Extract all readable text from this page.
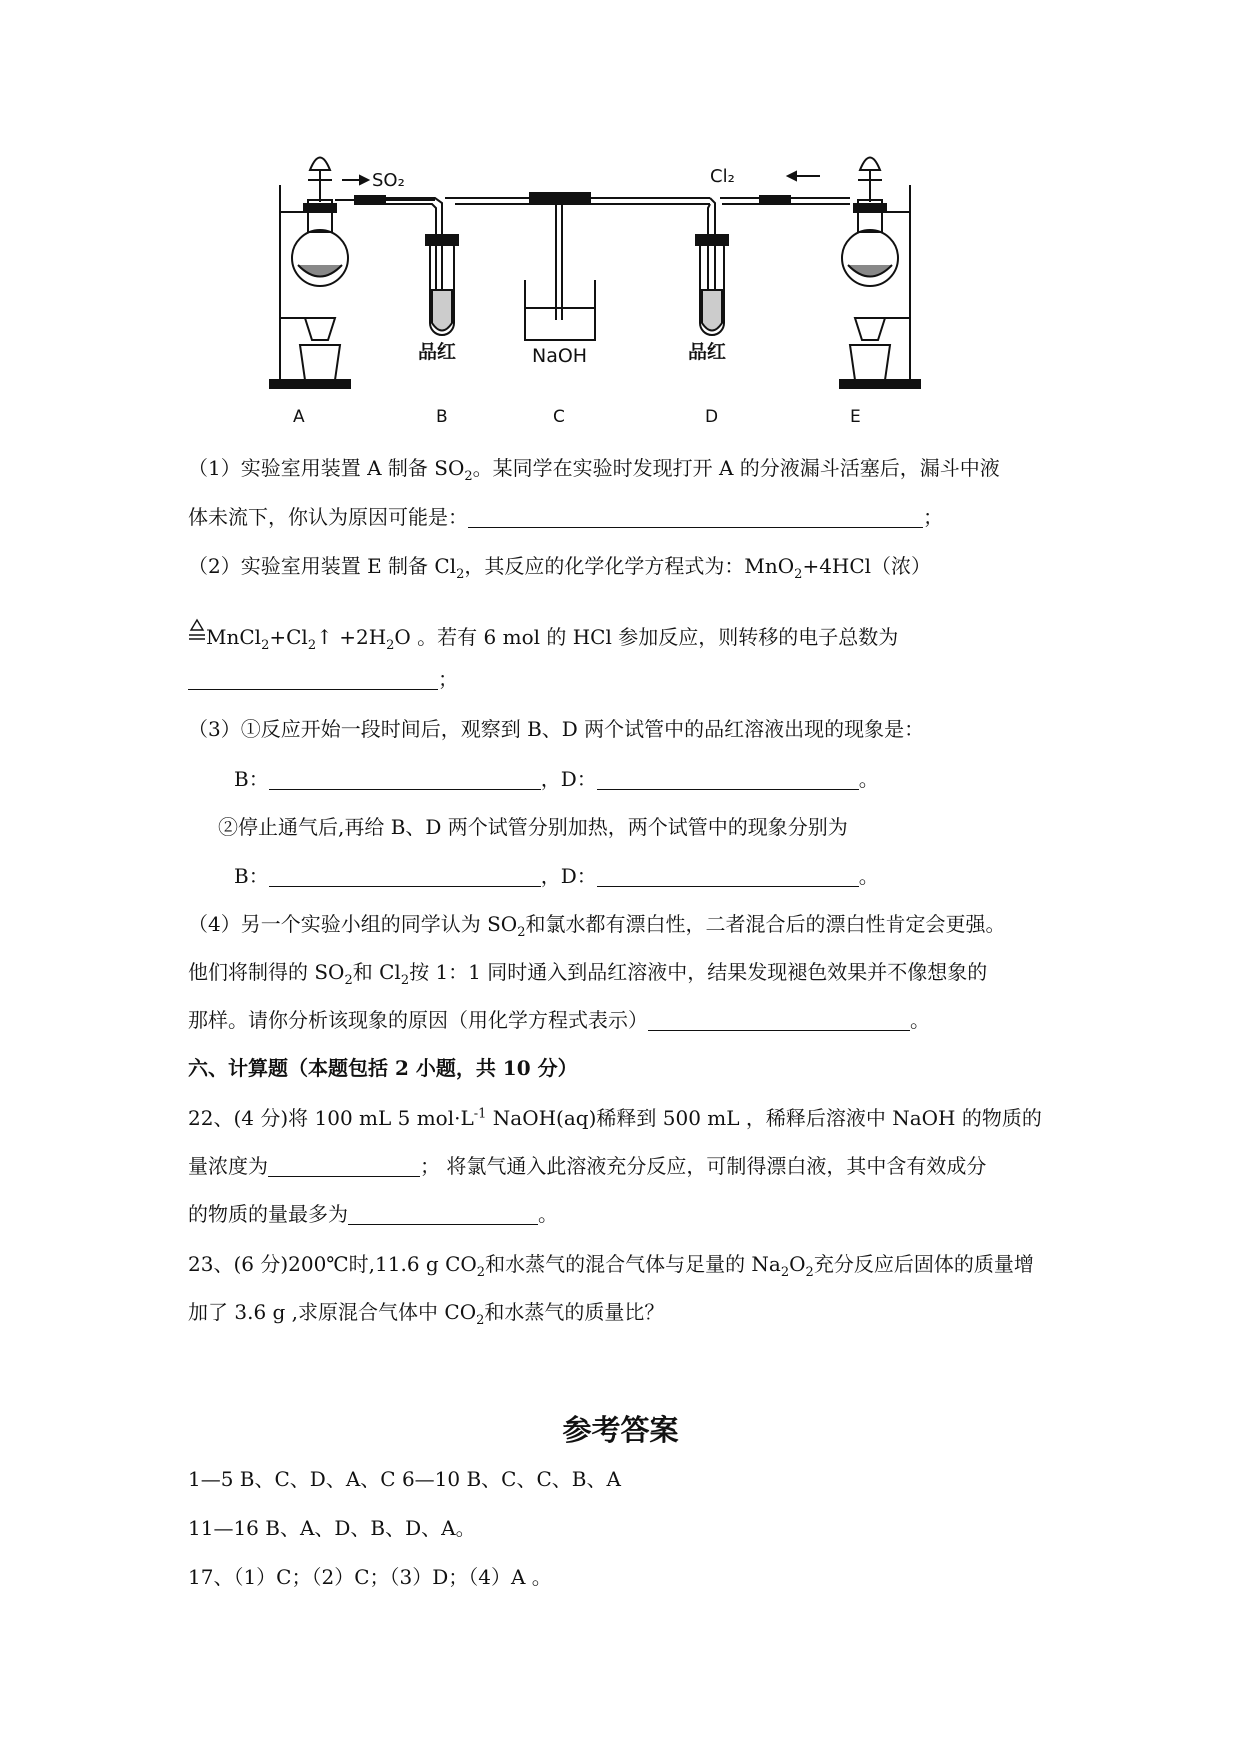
SO₂	Cl₂
品红	NaOH	品红
A	B	C	D	E
（1）实验室用装置 A 制备 $SO_2$。某同学在实验时发现打开 A 的分液漏斗活塞后，漏斗中液
体未流下，你认为原因可能是：	；
（2）实验室用装置 E 制备 $Cl_2$，其反应的化学化学方程式为：MnO$_2$+4HCl（浓）
$MnCl_2+Cl_2↑ +2H_2O$ 。若有 6 mol 的 HCl 参加反应，则转移的电子总数为
；
（3）①反应开始一段时间后，观察到 B、D 两个试管中的品红溶液出现的现象是：
B：	，D：	。
②停止通气后,再给 B、D 两个试管分别加热，两个试管中的现象分别为
B：	，D：	。
（4）另一个实验小组的同学认为 $SO_2$和氯水都有漂白性，二者混合后的漂白性肯定会更强。
他们将制得的 $SO_2$和 $Cl_2$按 1：1 同时通入到品红溶液中，结果发现褪色效果并不像想象的
那样。请你分析该现象的原因（用化学方程式表示）	。
六、计算题（本题包括 2 小题，共 10 分）
22、(4 分)将 100 mL 5 $mol\cdot L^{-1}$ NaOH(aq)稀释到 500 mL ，稀释后溶液中 NaOH 的物质的
量浓度为	； 将氯气通入此溶液充分反应，可制得漂白液，其中含有效成分
的物质的量最多为	。
23、(6 分)200℃时,11.6 g $CO_2$和水蒸气的混合气体与足量的 $Na_2O_2$充分反应后固体的质量增
加了 3.6 g ,求原混合气体中 $CO_2$和水蒸气的质量比？
参考答案
1—5 B、C、D、A、C 6—10 B、C、C、B、A
11—16 B、A、D、B、D、A。
17、（1）C；（2）C；（3）D；（4）A 。
